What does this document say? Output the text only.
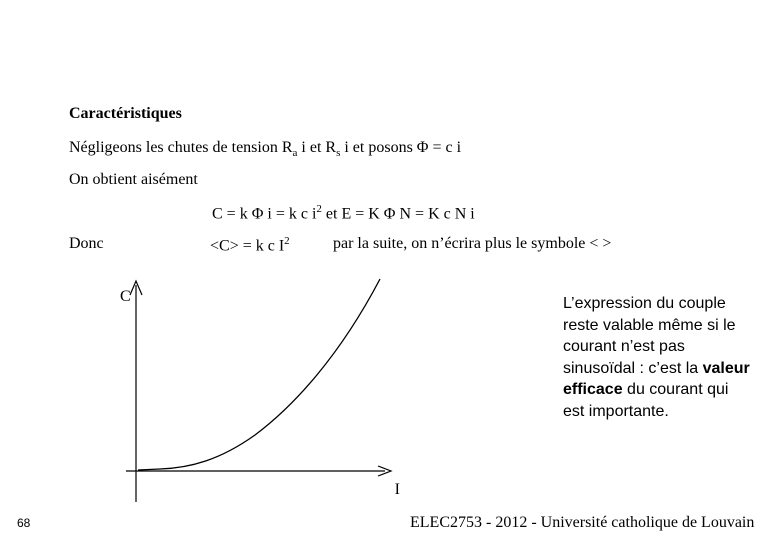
Caractéristiques
Négligeons les chutes de tension $R_a$ i et $R_s$ i et posons Φ = c i
On obtient aisément
C = k Φ i = k c $i^2$ et E = K Φ N = K c N i
Donc	<C> = k c $I^2$	par la suite, on n’écrira plus le symbole < >
C
I
L’expression du couple reste valable même si le courant n’est pas sinusoïdal : c’est la valeur efficace du courant qui est importante.
68	ELEC2753 - 2012 - Université catholique de Louvain
